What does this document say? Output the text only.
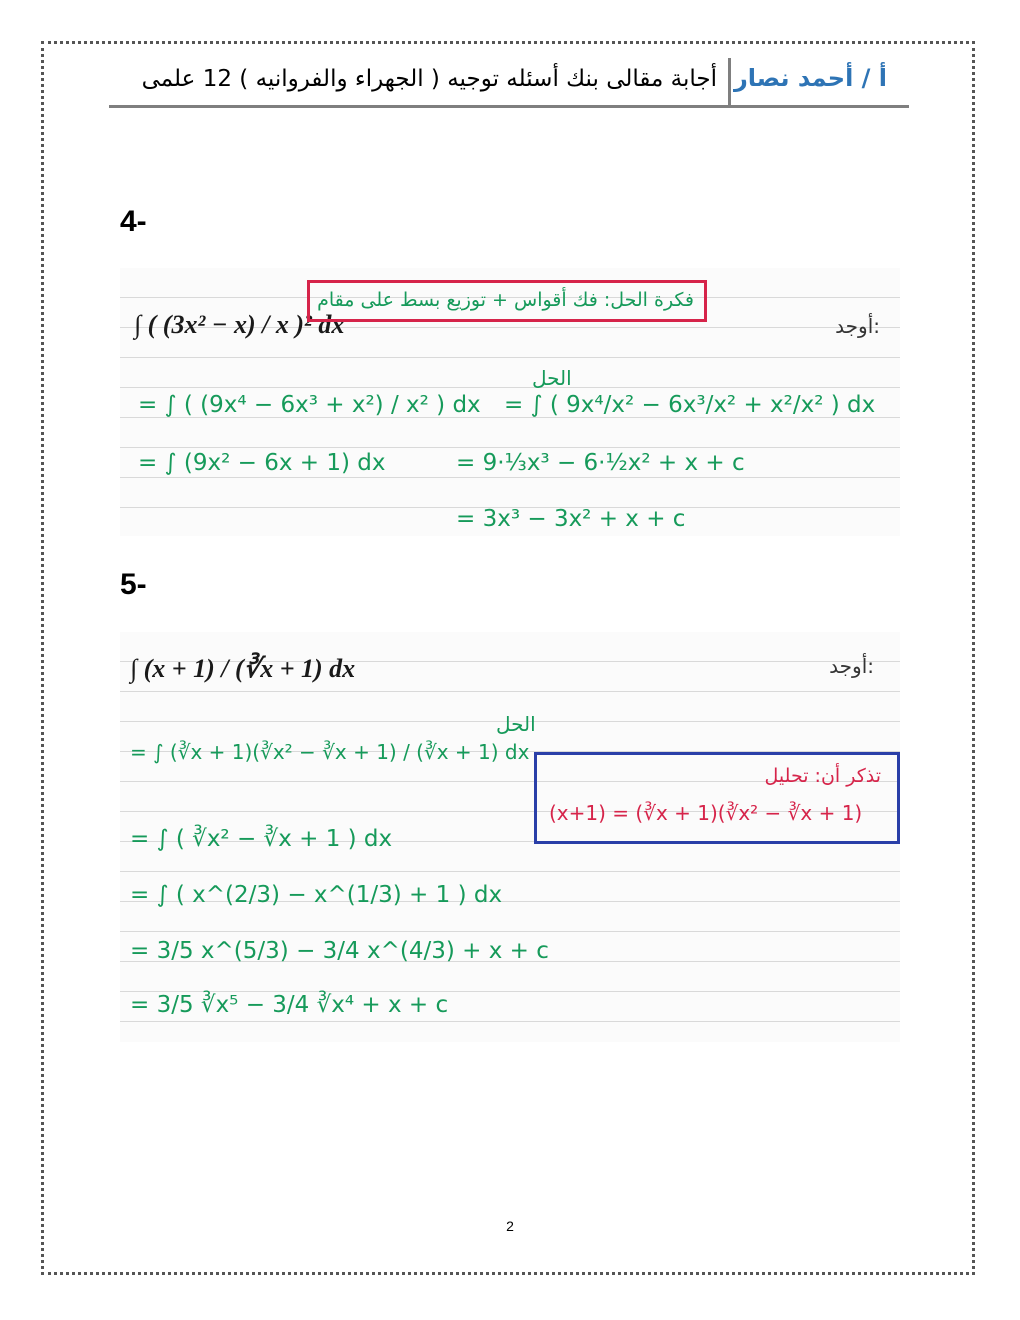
أ / أحمد نصار
أجابة مقالى بنك أسئله توجيه ( الجهراء والفروانيه ) 12 علمى
4-
أوجد:
∫ ( (3x² − x) / x )² dx
فكرة الحل: فك أقواس + توزيع بسط على مقام
الحل
= ∫ ( (9x⁴ − 6x³ + x²) / x² ) dx = ∫ ( 9x⁴/x² − 6x³/x² + x²/x² ) dx
= ∫ (9x² − 6x + 1) dx	= 9·⅓x³ − 6·½x² + x + c
= 3x³ − 3x² + x + c
5-
أوجد:
∫ (x + 1) / (∛x + 1) dx
الحل
= ∫ (∛x + 1)(∛x² − ∛x + 1) / (∛x + 1) dx
تذكر أن: تحليل
(x+1) = (∛x + 1)(∛x² − ∛x + 1)
= ∫ ( ∛x² − ∛x + 1 ) dx
= ∫ ( x^(2/3) − x^(1/3) + 1 ) dx
= 3/5 x^(5/3) − 3/4 x^(4/3) + x + c
= 3/5 ∛x⁵ − 3/4 ∛x⁴ + x + c
2
